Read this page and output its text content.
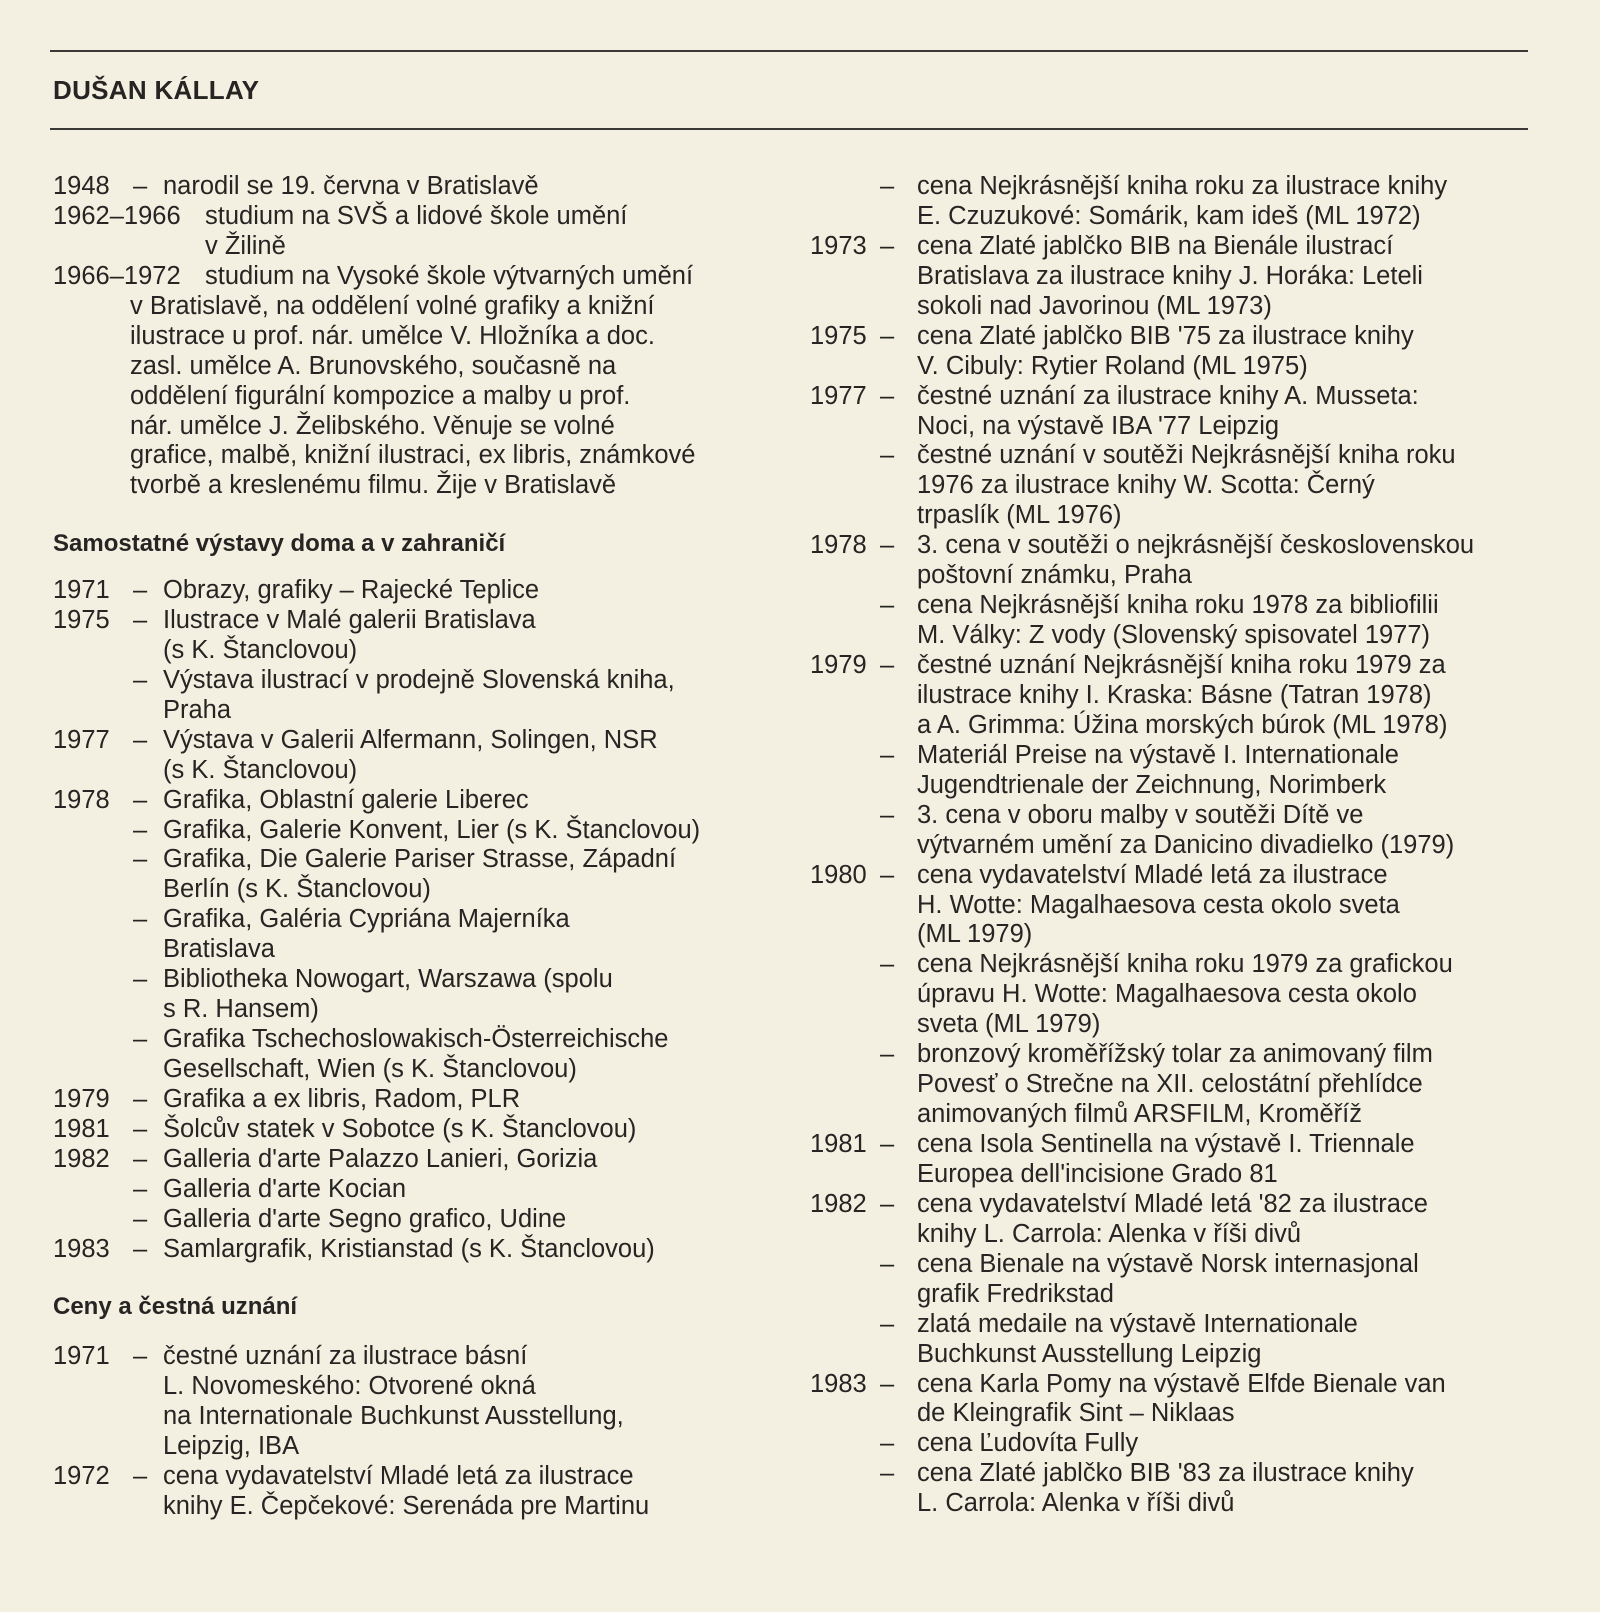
DUŠAN KÁLLAY
1948 – narodil se 19. června v Bratislavě
1962–1966 studium na SVŠ a lidové škole umění
v Žilině
1966–1972 studium na Vysoké škole výtvarných umění
v Bratislavě, na oddělení volné grafiky a knižní
ilustrace u prof. nár. umělce V. Hložníka a doc.
zasl. umělce A. Brunovského, současně na
oddělení figurální kompozice a malby u prof.
nár. umělce J. Želibského. Věnuje se volné
grafice, malbě, knižní ilustraci, ex libris, známkové
tvorbě a kreslenému filmu. Žije v Bratislavě
Samostatné výstavy doma a v zahraničí
1971 – Obrazy, grafiky – Rajecké Teplice
1975 – Ilustrace v Malé galerii Bratislava
(s K. Štanclovou)
– Výstava ilustrací v prodejně Slovenská kniha,
Praha
1977 – Výstava v Galerii Alfermann, Solingen, NSR
(s K. Štanclovou)
1978 – Grafika, Oblastní galerie Liberec
– Grafika, Galerie Konvent, Lier (s K. Štanclovou)
– Grafika, Die Galerie Pariser Strasse, Západní
Berlín (s K. Štanclovou)
– Grafika, Galéria Cypriána Majerníka
Bratislava
– Bibliotheka Nowogart, Warszawa (spolu
s R. Hansem)
– Grafika Tschechoslowakisch-Österreichische
Gesellschaft, Wien (s K. Štanclovou)
1979 – Grafika a ex libris, Radom, PLR
1981 – Šolcův statek v Sobotce (s K. Štanclovou)
1982 – Galleria d'arte Palazzo Lanieri, Gorizia
– Galleria d'arte Kocian
– Galleria d'arte Segno grafico, Udine
1983 – Samlargrafik, Kristianstad (s K. Štanclovou)
Ceny a čestná uznání
1971 – čestné uznání za ilustrace básní
L. Novomeského: Otvorené okná
na Internationale Buchkunst Ausstellung,
Leipzig, IBA
1972 – cena vydavatelství Mladé letá za ilustrace
knihy E. Čepčekové: Serenáda pre Martinu
– cena Nejkrásnější kniha roku za ilustrace knihy
E. Czuzukové: Somárik, kam ideš (ML 1972)
1973 – cena Zlaté jablčko BIB na Bienále ilustrací
Bratislava za ilustrace knihy J. Horáka: Leteli
sokoli nad Javorinou (ML 1973)
1975 – cena Zlaté jablčko BIB '75 za ilustrace knihy
V. Cibuly: Rytier Roland (ML 1975)
1977 – čestné uznání za ilustrace knihy A. Musseta:
Noci, na výstavě IBA '77 Leipzig
– čestné uznání v soutěži Nejkrásnější kniha roku
1976 za ilustrace knihy W. Scotta: Černý
trpaslík (ML 1976)
1978 – 3. cena v soutěži o nejkrásnější československou
poštovní známku, Praha
– cena Nejkrásnější kniha roku 1978 za bibliofilii
M. Války: Z vody (Slovenský spisovatel 1977)
1979 – čestné uznání Nejkrásnější kniha roku 1979 za
ilustrace knihy I. Kraska: Básne (Tatran 1978)
a A. Grimma: Úžina morských búrok (ML 1978)
– Materiál Preise na výstavě I. Internationale
Jugendtrienale der Zeichnung, Norimberk
– 3. cena v oboru malby v soutěži Dítě ve
výtvarném umění za Danicino divadielko (1979)
1980 – cena vydavatelství Mladé letá za ilustrace
H. Wotte: Magalhaesova cesta okolo sveta
(ML 1979)
– cena Nejkrásnější kniha roku 1979 za grafickou
úpravu H. Wotte: Magalhaesova cesta okolo
sveta (ML 1979)
– bronzový kroměřížský tolar za animovaný film
Povesť o Strečne na XII. celostátní přehlídce
animovaných filmů ARSFILM, Kroměříž
1981 – cena Isola Sentinella na výstavě I. Triennale
Europea dell'incisione Grado 81
1982 – cena vydavatelství Mladé letá '82 za ilustrace
knihy L. Carrola: Alenka v říši divů
– cena Bienale na výstavě Norsk internasjonal
grafik Fredrikstad
– zlatá medaile na výstavě Internationale
Buchkunst Ausstellung Leipzig
1983 – cena Karla Pomy na výstavě Elfde Bienale van
de Kleingrafik Sint – Niklaas
– cena Ľudovíta Fully
– cena Zlaté jablčko BIB '83 za ilustrace knihy
L. Carrola: Alenka v říši divů
